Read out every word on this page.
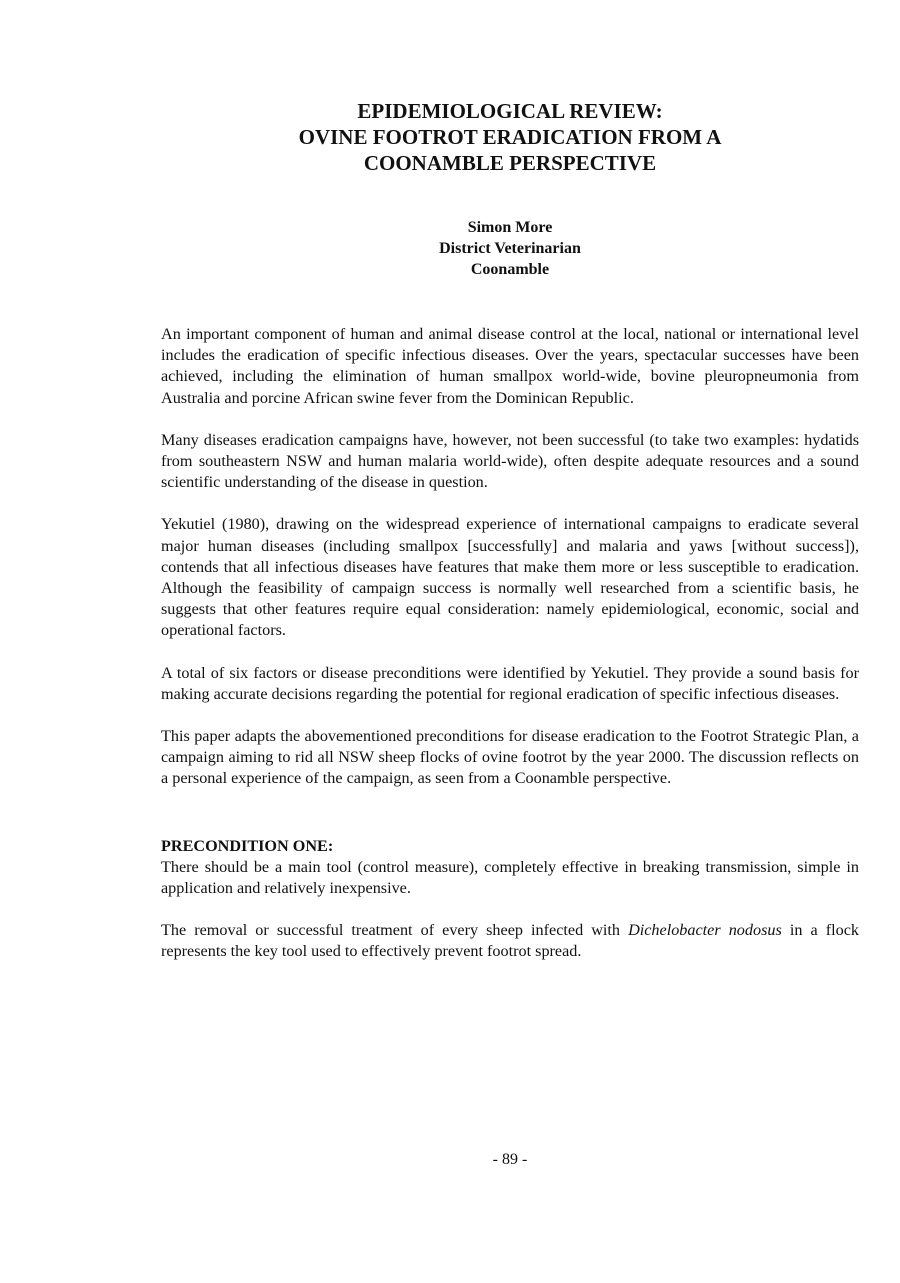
EPIDEMIOLOGICAL REVIEW:
OVINE FOOTROT ERADICATION FROM A
COONAMBLE PERSPECTIVE
Simon More
District Veterinarian
Coonamble

An important component of human and animal disease control at the local, national or international level includes the eradication of specific infectious diseases. Over the years, spectacular successes have been achieved, including the elimination of human smallpox world-wide, bovine pleuropneumonia from Australia and porcine African swine fever from the Dominican Republic.

Many diseases eradication campaigns have, however, not been successful (to take two examples: hydatids from southeastern NSW and human malaria world-wide), often despite adequate resources and a sound scientific understanding of the disease in question.

Yekutiel (1980), drawing on the widespread experience of international campaigns to eradicate several major human diseases (including smallpox [successfully] and malaria and yaws [without success]), contends that all infectious diseases have features that make them more or less susceptible to eradication. Although the feasibility of campaign success is normally well researched from a scientific basis, he suggests that other features require equal consideration: namely epidemiological, economic, social and operational factors.

A total of six factors or disease preconditions were identified by Yekutiel. They provide a sound basis for making accurate decisions regarding the potential for regional eradication of specific infectious diseases.

This paper adapts the abovementioned preconditions for disease eradication to the Footrot Strategic Plan, a campaign aiming to rid all NSW sheep flocks of ovine footrot by the year 2000. The discussion reflects on a personal experience of the campaign, as seen from a Coonamble perspective.

PRECONDITION ONE:

There should be a main tool (control measure), completely effective in breaking transmission, simple in application and relatively inexpensive.

The removal or successful treatment of every sheep infected with Dichelobacter nodosus in a flock represents the key tool used to effectively prevent footrot spread.

- 89 -
